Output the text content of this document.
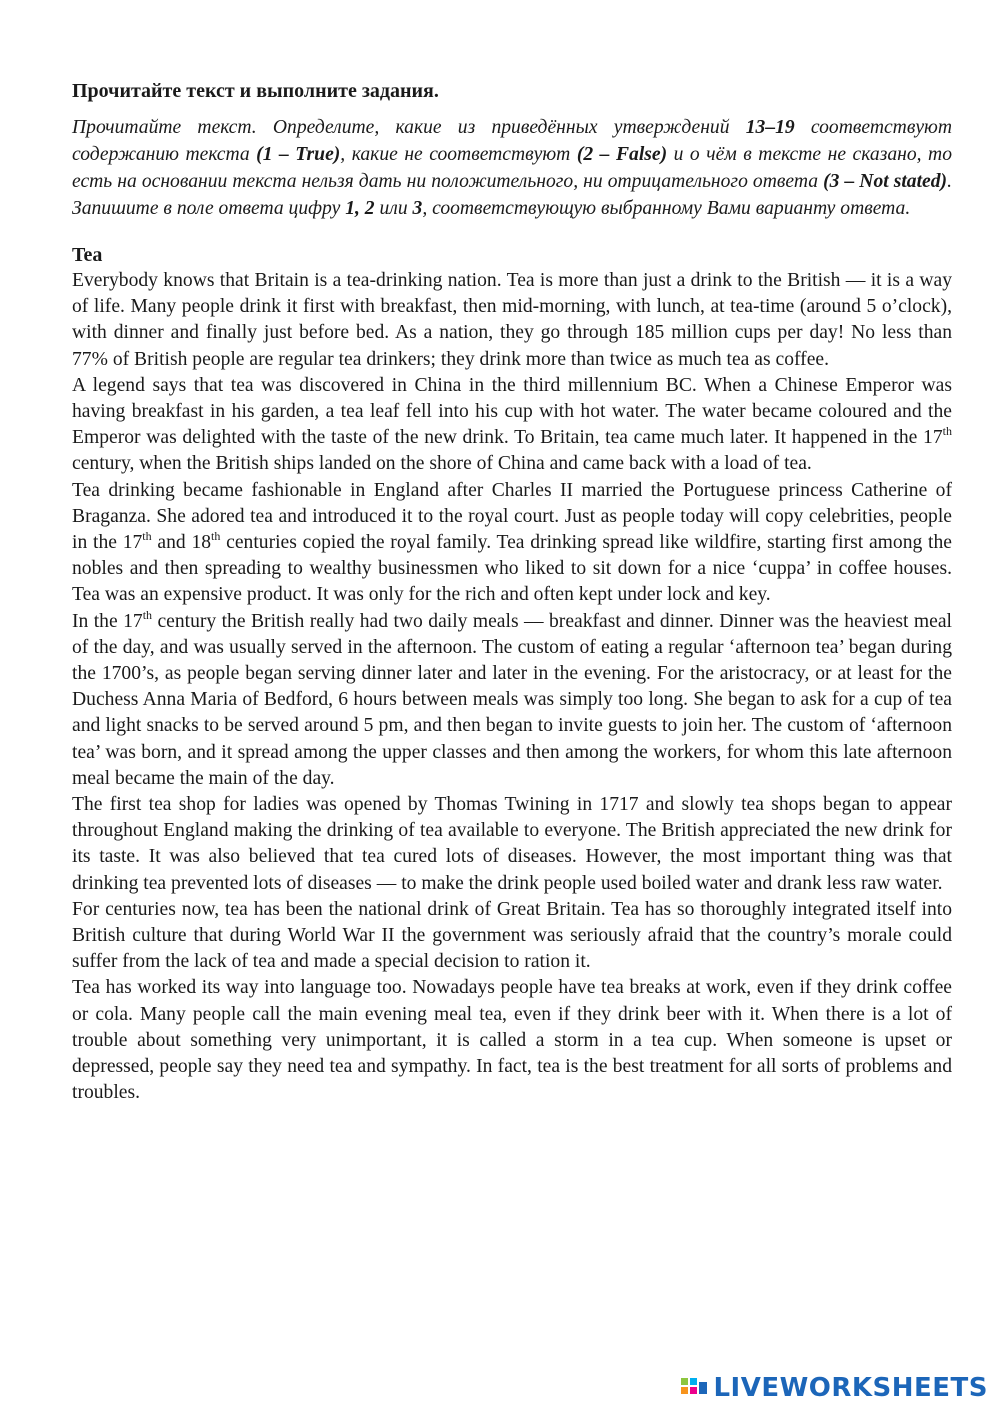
Прочитайте текст и выполните задания.

Прочитайте текст. Определите, какие из приведённых утверждений 13–19 соответствуют содержанию текста (1 – True), какие не соответствуют (2 – False) и о чём в тексте не сказано, то есть на основании текста нельзя дать ни положительного, ни отрицательного ответа (3 – Not stated). Запишите в поле ответа цифру 1, 2 или 3, соответствующую выбранному Вами варианту ответа.

Tea

Everybody knows that Britain is a tea-drinking nation. Tea is more than just a drink to the British –– it is a way of life. Many people drink it first with breakfast, then mid-morning, with lunch, at tea-time (around 5 o’clock), with dinner and finally just before bed. As a nation, they go through 185 million cups per day! No less than 77% of British people are regular tea drinkers; they drink more than twice as much tea as coffee.

A legend says that tea was discovered in China in the third millennium BC. When a Chinese Emperor was having breakfast in his garden, a tea leaf fell into his cup with hot water. The water became coloured and the Emperor was delighted with the taste of the new drink. To Britain, tea came much later. It happened in the 17th century, when the British ships landed on the shore of China and came back with a load of tea.

Tea drinking became fashionable in England after Charles II married the Portuguese princess Catherine of Braganza. She adored tea and introduced it to the royal court. Just as people today will copy celebrities, people in the 17th and 18th centuries copied the royal family. Tea drinking spread like wildfire, starting first among the nobles and then spreading to wealthy businessmen who liked to sit down for a nice ‘cuppa’ in coffee houses. Tea was an expensive product. It was only for the rich and often kept under lock and key.

In the 17th century the British really had two daily meals –– breakfast and dinner. Dinner was the heaviest meal of the day, and was usually served in the afternoon. The custom of eating a regular ‘afternoon tea’ began during the 1700’s, as people began serving dinner later and later in the evening. For the aristocracy, or at least for the Duchess Anna Maria of Bedford, 6 hours between meals was simply too long. She began to ask for a cup of tea and light snacks to be served around 5 pm, and then began to invite guests to join her. The custom of ‘afternoon tea’ was born, and it spread among the upper classes and then among the workers, for whom this late afternoon meal became the main of the day.

The first tea shop for ladies was opened by Thomas Twining in 1717 and slowly tea shops began to appear throughout England making the drinking of tea available to everyone. The British appreciated the new drink for its taste. It was also believed that tea cured lots of diseases. However, the most important thing was that drinking tea prevented lots of diseases –– to make the drink people used boiled water and drank less raw water.

For centuries now, tea has been the national drink of Great Britain. Tea has so thoroughly integrated itself into British culture that during World War II the government was seriously afraid that the country’s morale could suffer from the lack of tea and made a special decision to ration it.

Tea has worked its way into language too. Nowadays people have tea breaks at work, even if they drink coffee or cola. Many people call the main evening meal tea, even if they drink beer with it. When there is a lot of trouble about something very unimportant, it is called a storm in a tea cup. When someone is upset or depressed, people say they need tea and sympathy. In fact, tea is the best treatment for all sorts of problems and troubles.

LIVEWORKSHEETS
